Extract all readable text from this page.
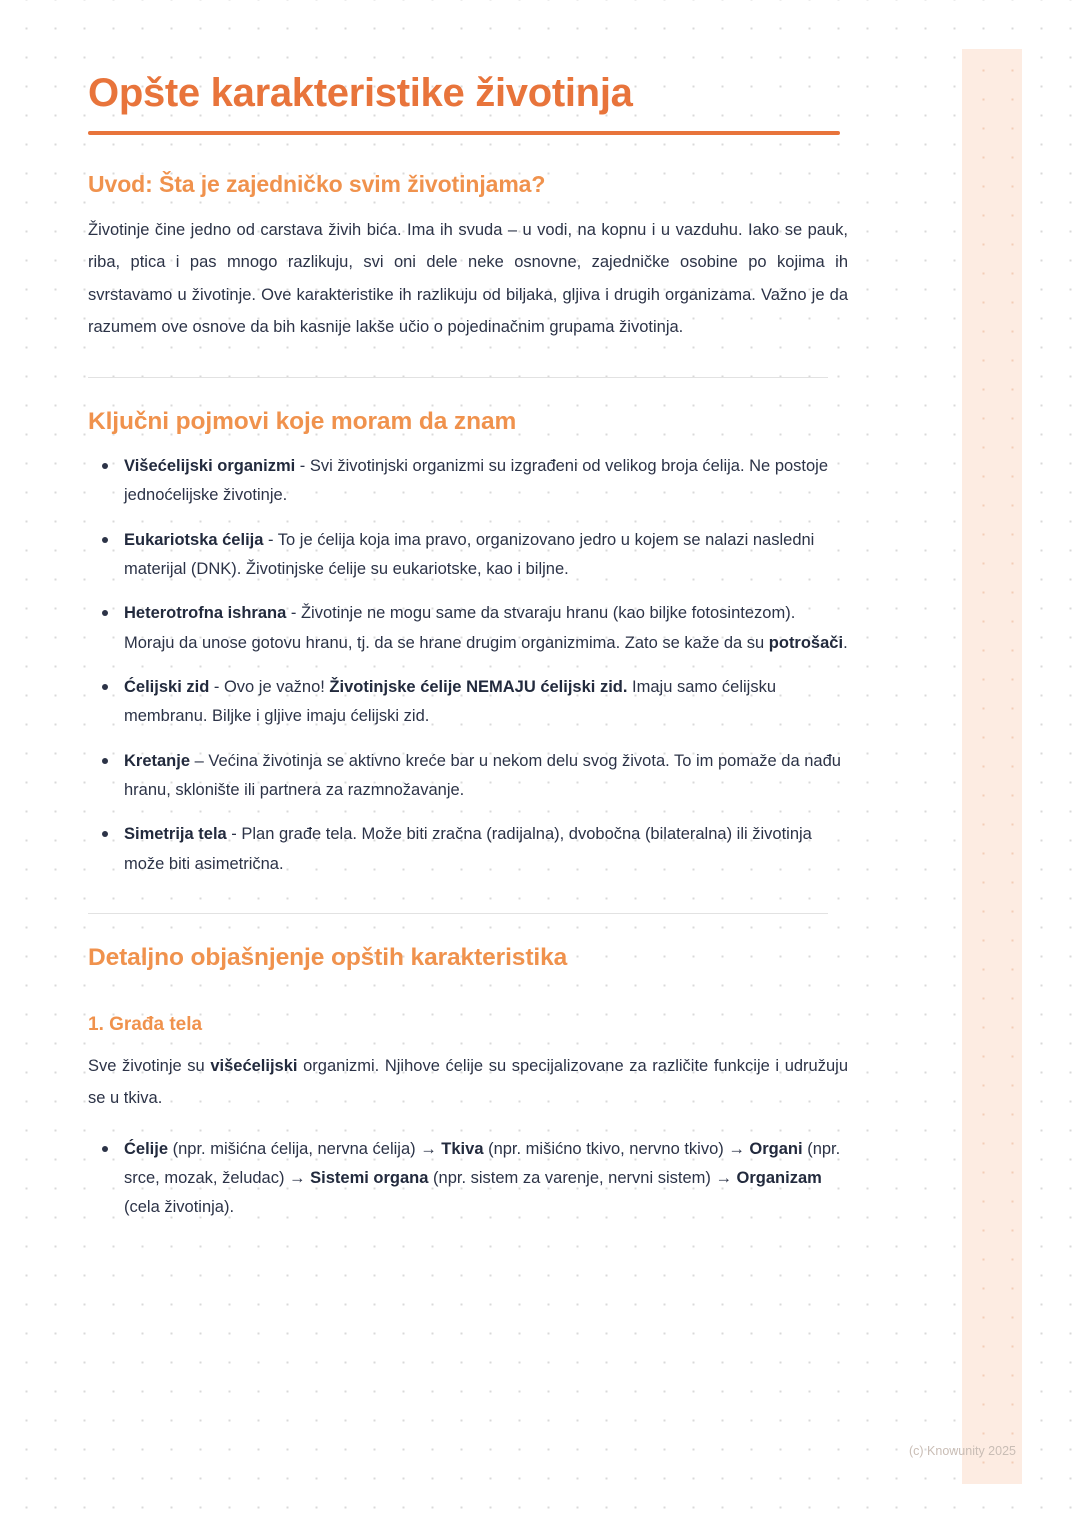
Opšte karakteristike životinja
Uvod: Šta je zajedničko svim životinjama?

Životinje čine jedno od carstava živih bića. Ima ih svuda – u vodi, na kopnu i u vazduhu. Iako se pauk, riba, ptica i pas mnogo razlikuju, svi oni dele neke osnovne, zajedničke osobine po kojima ih svrstavamo u životinje. Ove karakteristike ih razlikuju od biljaka, gljiva i drugih organizama. Važno je da razumem ove osnove da bih kasnije lakše učio o pojedinačnim grupama životinja.

Ključni pojmovi koje moram da znam
Višećelijski organizmi - Svi životinjski organizmi su izgrađeni od velikog broja ćelija. Ne postoje jednoćelijske životinje.
Eukariotska ćelija - To je ćelija koja ima pravo, organizovano jedro u kojem se nalazi nasledni materijal (DNK). Životinjske ćelije su eukariotske, kao i biljne.
Heterotrofna ishrana - Životinje ne mogu same da stvaraju hranu (kao biljke fotosintezom). Moraju da unose gotovu hranu, tj. da se hrane drugim organizmima. Zato se kaže da su potrošači.
Ćelijski zid - Ovo je važno! Životinjske ćelije NEMAJU ćelijski zid. Imaju samo ćelijsku membranu. Biljke i gljive imaju ćelijski zid.
Kretanje – Većina životinja se aktivno kreće bar u nekom delu svog života. To im pomaže da nađu hranu, sklonište ili partnera za razmnožavanje.
Simetrija tela - Plan građe tela. Može biti zračna (radijalna), dvobočna (bilateralna) ili životinja može biti asimetrična.
Detaljno objašnjenje opštih karakteristika
1. Građa tela

Sve životinje su višećelijski organizmi. Njihove ćelije su specijalizovane za različite funkcije i udružuju se u tkiva.

Ćelije (npr. mišićna ćelija, nervna ćelija) → Tkiva (npr. mišićno tkivo, nervno tkivo) → Organi (npr. srce, mozak, želudac) → Sistemi organa (npr. sistem za varenje, nervni sistem) → Organizam (cela životinja).
(c) Knowunity 2025
